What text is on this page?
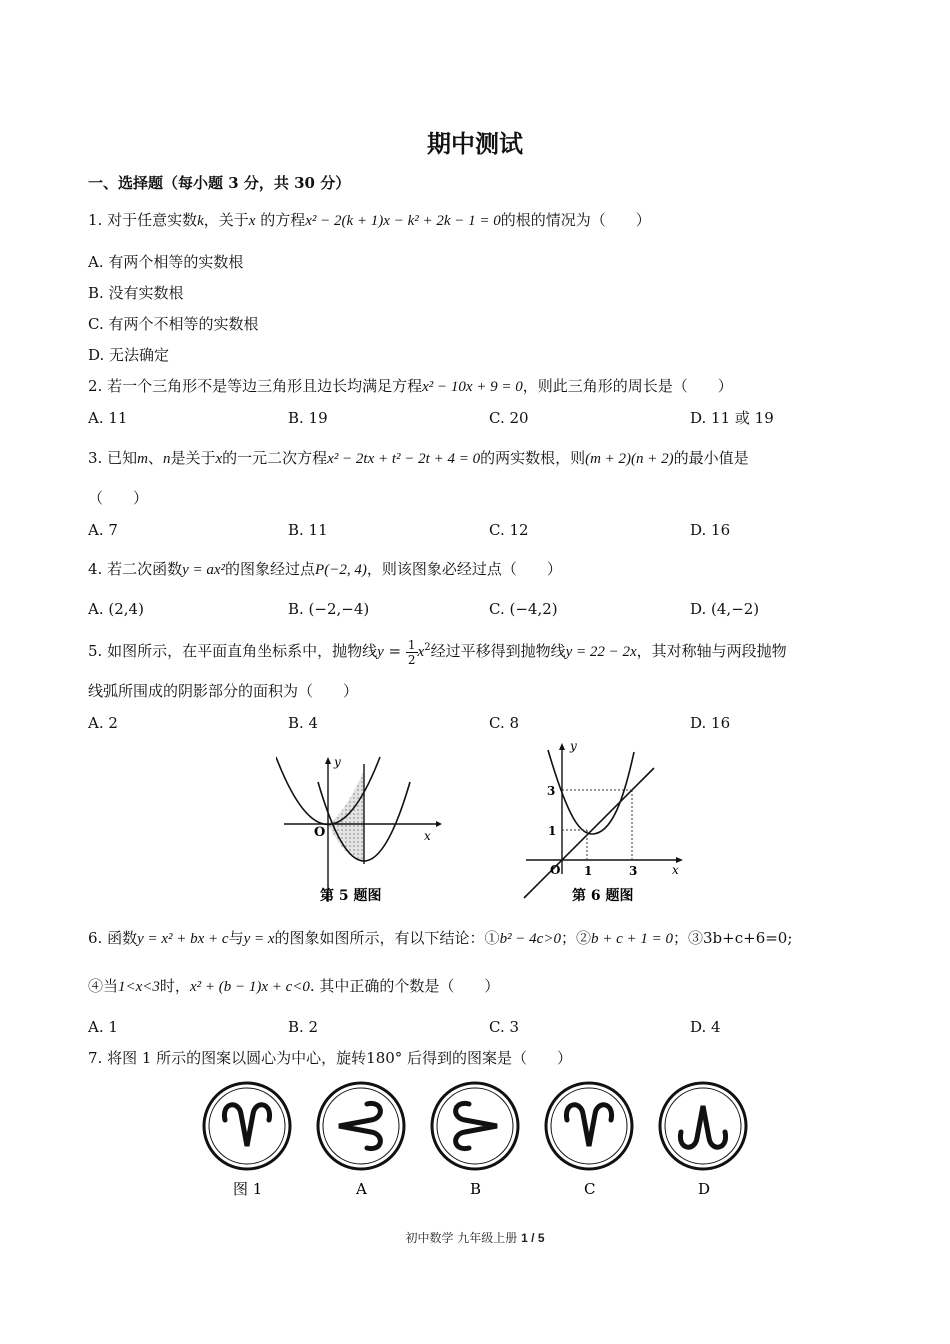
期中测试
一、选择题（每小题 3 分，共 30 分）
1. 对于任意实数k，关于x 的方程x² − 2(k + 1)x − k² + 2k − 1 = 0的根的情况为（　　）
A. 有两个相等的实数根
B. 没有实数根
C. 有两个不相等的实数根
D. 无法确定
2. 若一个三角形不是等边三角形且边长均满足方程x² − 10x + 9 = 0，则此三角形的周长是（　　）
A. 11	B. 19	C. 20	D. 11 或 19
3. 已知m、n是关于x的一元二次方程x² − 2tx + t² − 2t + 4 = 0的两实数根，则(m + 2)(n + 2)的最小值是
（　　）
A. 7	B. 11	C. 12	D. 16
4. 若二次函数y = ax²的图象经过点P(−2, 4)，则该图象必经过点（　　）
A. (2,4)	B. (−2,−4)	C. (−4,2)	D. (4,−2)
5. 如图所示，在平面直角坐标系中，抛物线$y = \frac{1}{2} x^2$经过平移得到抛物线y = 22 − 2x，其对称轴与两段抛物
线弧所围成的阴影部分的面积为（　　）
A. 2	B. 4	C. 8	D. 16
y
x
O
第 5 题图
y
x
O
3
1
1	3
第 6 题图
6. 函数y = x² + bx + c与y = x的图象如图所示，有以下结论：①b² − 4c>0；②b + c + 1 = 0；③3b+c+6=0;
④当1<x<3时，x² + (b − 1)x + c<0. 其中正确的个数是（　　）
A. 1	B. 2	C. 3	D. 4
7. 将图 1 所示的图案以圆心为中心，旋转180° 后得到的图案是（　　）
图 1	A	B	C	D
初中数学 九年级上册 1 / 5
